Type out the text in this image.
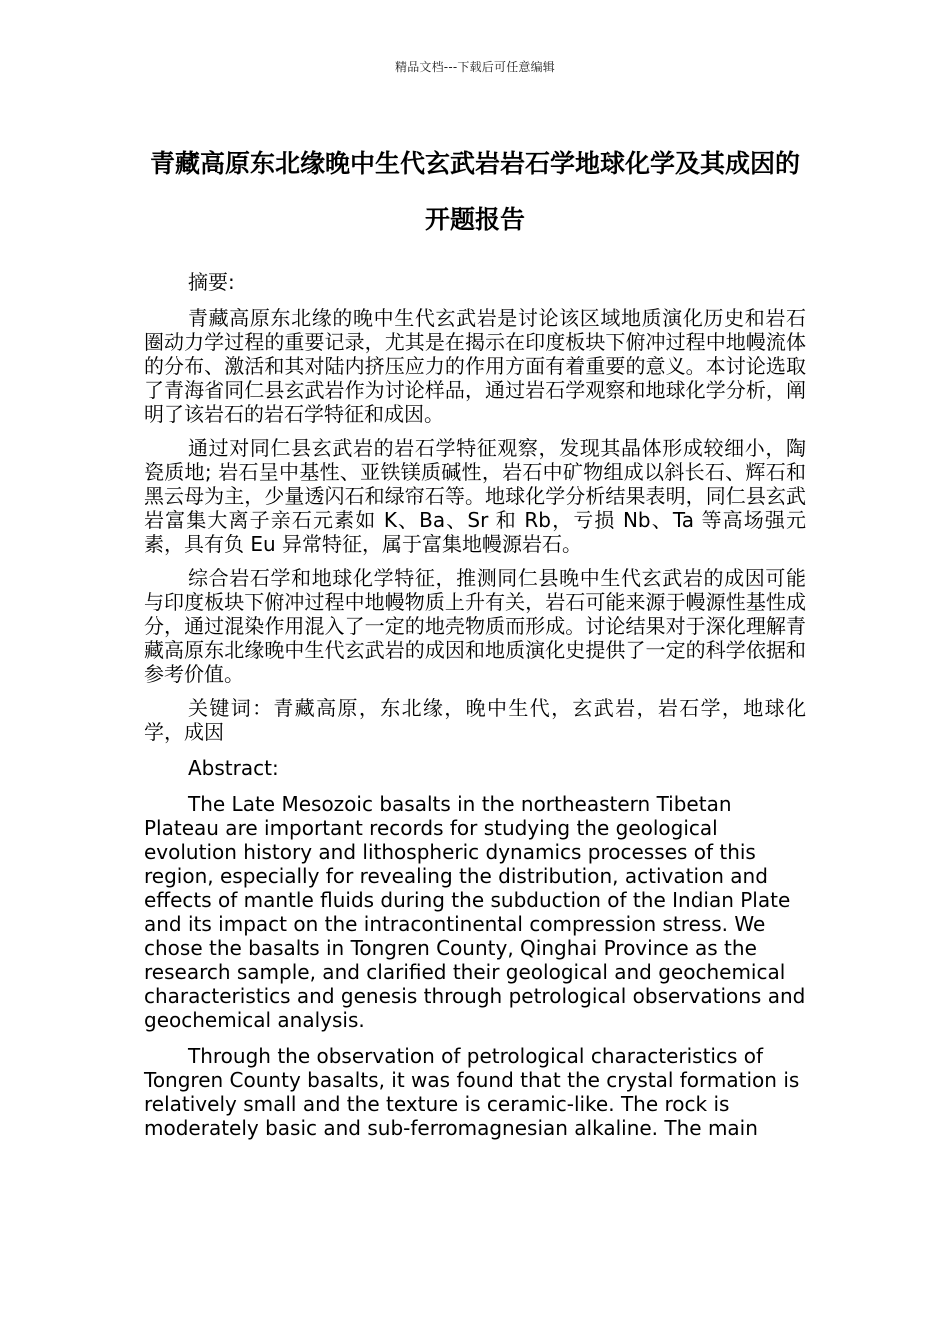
精品文档---下载后可任意编辑
青藏高原东北缘晚中生代玄武岩岩石学地球化学及其成因的开题报告

摘要:

青藏高原东北缘的晚中生代玄武岩是讨论该区域地质演化历史和岩石圈动力学过程的重要记录，尤其是在揭示在印度板块下俯冲过程中地幔流体的分布、激活和其对陆内挤压应力的作用方面有着重要的意义。本讨论选取了青海省同仁县玄武岩作为讨论样品，通过岩石学观察和地球化学分析，阐明了该岩石的岩石学特征和成因。

通过对同仁县玄武岩的岩石学特征观察，发现其晶体形成较细小，陶瓷质地; 岩石呈中基性、亚铁镁质碱性，岩石中矿物组成以斜长石、辉石和黑云母为主，少量透闪石和绿帘石等。地球化学分析结果表明，同仁县玄武岩富集大离子亲石元素如 K、Ba、Sr 和 Rb，亏损 Nb、Ta 等高场强元素，具有负 Eu 异常特征，属于富集地幔源岩石。

综合岩石学和地球化学特征，推测同仁县晚中生代玄武岩的成因可能与印度板块下俯冲过程中地幔物质上升有关，岩石可能来源于幔源性基性成分，通过混染作用混入了一定的地壳物质而形成。讨论结果对于深化理解青藏高原东北缘晚中生代玄武岩的成因和地质演化史提供了一定的科学依据和参考价值。

关键词：青藏高原，东北缘，晚中生代，玄武岩，岩石学，地球化学，成因

Abstract:

The Late Mesozoic basalts in the northeastern Tibetan Plateau are important records for studying the geological evolution history and lithospheric dynamics processes of this region, especially for revealing the distribution, activation and effects of mantle fluids during the subduction of the Indian Plate and its impact on the intracontinental compression stress. We chose the basalts in Tongren County, Qinghai Province as the research sample, and clarified their geological and geochemical characteristics and genesis through petrological observations and geochemical analysis.

Through the observation of petrological characteristics of Tongren County basalts, it was found that the crystal formation is relatively small and the texture is ceramic-like. The rock is moderately basic and sub-ferromagnesian alkaline. The main
